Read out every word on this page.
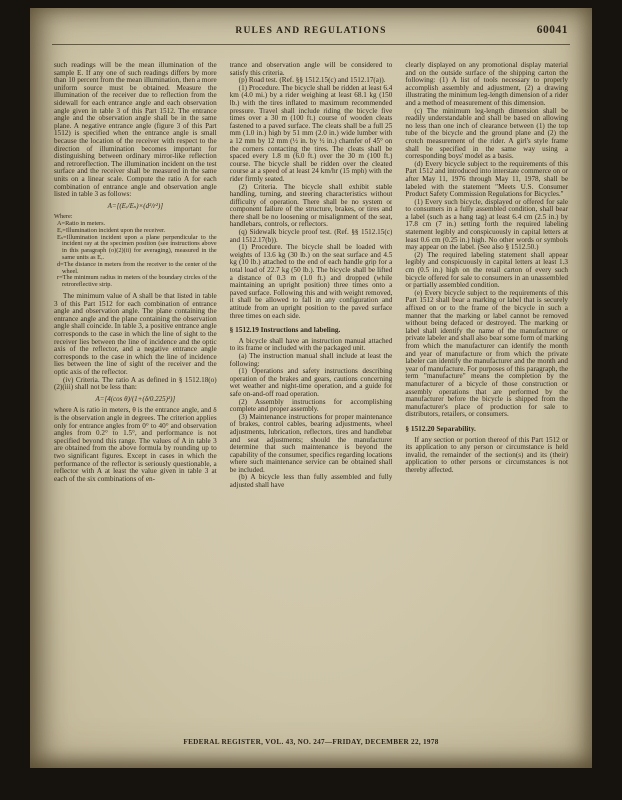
RULES AND REGULATIONS	60041
such readings will be the mean illumination of the sample E. If any one of such readings differs by more than 10 percent from the mean illumination, then a more uniform source must be obtained. Measure the illumination of the receiver due to reflection from the sidewall for each entrance angle and each observation angle given in table 3 of this Part 1512. The entrance angle and the observation angle shall be in the same plane. A negative entrance angle (figure 3 of this Part 1512) is specified when the entrance angle is small because the location of the receiver with respect to the direction of illumination becomes important for distinguishing between ordinary mirror-like reflection and retroreflection. The illumination incident on the test surface and the receiver shall be measured in the same units on a linear scale. Compute the ratio A for each combination of entrance angle and observation angle listed in table 3 as follows:
A=[(Eᵣ/Eₛ)×(d²/r²)]
Where:
A=Ratio in meters.
Eᵣ=Illumination incident upon the receiver.
Eₛ=Illumination incident upon a plane perpendicular to the incident ray at the specimen position (see instructions above in this paragraph (o)(2)(ii) for averaging), measured in the same units as Eᵣ.
d=The distance in meters from the receiver to the center of the wheel.
r=The minimum radius in meters of the boundary circles of the retroreflective strip.
The minimum value of A shall be that listed in table 3 of this Part 1512 for each combination of entrance angle and observation angle. The plane containing the entrance angle and the plane containing the observation angle shall coincide. In table 3, a positive entrance angle corresponds to the case in which the line of sight to the receiver lies between the line of incidence and the optic axis of the reflector, and a negative entrance angle corresponds to the case in which the line of incidence lies between the line of sight of the receiver and the optic axis of the reflector.
(iv) Criteria. The ratio A as defined in § 1512.18(o)(2)(iii) shall not be less than:
A=[4(cos θ)/(1+(δ/0.225)²)]
where A is ratio in meters, θ is the entrance angle, and δ is the observation angle in degrees. The criterion applies only for entrance angles from 0° to 40° and observation angles from 0.2° to 1.5°, and performance is not specified beyond this range. The values of A in table 3 are obtained from the above formula by rounding up to two significant figures. Except in cases in which the performance of the reflector is seriously questionable, a reflector with A at least the value given in table 3 at each of the six combinations of en-
trance and observation angle will be considered to satisfy this criteria.
(p) Road test. (Ref. §§ 1512.15(c) and 1512.17(a)).
(1) Procedure. The bicycle shall be ridden at least 6.4 km (4.0 mi.) by a rider weighing at least 68.1 kg (150 lb.) with the tires inflated to maximum recommended pressure. Travel shall include riding the bicycle five times over a 30 m (100 ft.) course of wooden cleats fastened to a paved surface. The cleats shall be a full 25 mm (1.0 in.) high by 51 mm (2.0 in.) wide lumber with a 12 mm by 12 mm (½ in. by ½ in.) chamfer of 45° on the corners contacting the tires. The cleats shall be spaced every 1.8 m (6.0 ft.) over the 30 m (100 ft.) course. The bicycle shall be ridden over the cleated course at a speed of at least 24 km/hr (15 mph) with the rider firmly seated.
(2) Criteria. The bicycle shall exhibit stable handling, turning, and steering characteristics without difficulty of operation. There shall be no system or component failure of the structure, brakes, or tires and there shall be no loosening or misalignment of the seat, handlebars, controls, or reflectors.
(q) Sidewalk bicycle proof test. (Ref. §§ 1512.15(c) and 1512.17(b)).
(1) Procedure. The bicycle shall be loaded with weights of 13.6 kg (30 lb.) on the seat surface and 4.5 kg (10 lb.) attached to the end of each handle grip for a total load of 22.7 kg (50 lb.). The bicycle shall be lifted a distance of 0.3 m (1.0 ft.) and dropped (while maintaining an upright position) three times onto a paved surface. Following this and with weight removed, it shall be allowed to fall in any configuration and attitude from an upright position to the paved surface three times on each side.
§ 1512.19 Instructions and labeling.
A bicycle shall have an instruction manual attached to its frame or included with the packaged unit.
(a) The instruction manual shall include at least the following:
(1) Operations and safety instructions describing operation of the brakes and gears, cautions concerning wet weather and night-time operation, and a guide for safe on-and-off road operation.
(2) Assembly instructions for accomplishing complete and proper assembly.
(3) Maintenance instructions for proper maintenance of brakes, control cables, bearing adjustments, wheel adjustments, lubrication, reflectors, tires and handlebar and seat adjustments; should the manufacturer determine that such maintenance is beyond the capability of the consumer, specifics regarding locations where such maintenance service can be obtained shall be included.
(b) A bicycle less than fully assembled and fully adjusted shall have
clearly displayed on any promotional display material and on the outside surface of the shipping carton the following: (1) A list of tools necessary to properly accomplish assembly and adjustment, (2) a drawing illustrating the minimum leg-length dimension of a rider and a method of measurement of this dimension.
(c) The minimum leg-length dimension shall be readily understandable and shall be based on allowing no less than one inch of clearance between (1) the top tube of the bicycle and the ground plane and (2) the crotch measurement of the rider. A girl's style frame shall be specified in the same way using a corresponding boys' model as a basis.
(d) Every bicycle subject to the requirements of this Part 1512 and introduced into interstate commerce on or after May 11, 1976 through May 11, 1978, shall be labeled with the statement "Meets U.S. Consumer Product Safety Commission Regulations for Bicycles."
(1) Every such bicycle, displayed or offered for sale to consumers in a fully assembled condition, shall bear a label (such as a hang tag) at least 6.4 cm (2.5 in.) by 17.8 cm (7 in.) setting forth the required labeling statement legibly and conspicuously in capital letters at least 0.6 cm (0.25 in.) high. No other words or symbols may appear on the label. (See also § 1512.50.)
(2) The required labeling statement shall appear legibly and conspicuously in capital letters at least 1.3 cm (0.5 in.) high on the retail carton of every such bicycle offered for sale to consumers in an unassembled or partially assembled condition.
(e) Every bicycle subject to the requirements of this Part 1512 shall bear a marking or label that is securely affixed on or to the frame of the bicycle in such a manner that the marking or label cannot be removed without being defaced or destroyed. The marking or label shall identify the name of the manufacturer or private labeler and shall also bear some form of marking from which the manufacturer can identify the month and year of manufacture or from which the private labeler can identify the manufacturer and the month and year of manufacture. For purposes of this paragraph, the term "manufacture" means the completion by the manufacturer of a bicycle of those construction or assembly operations that are performed by the manufacturer before the bicycle is shipped from the manufacturer's place of production for sale to distributors, retailers, or consumers.
§ 1512.20 Separability.
If any section or portion thereof of this Part 1512 or its application to any person or circumstance is held invalid, the remainder of the section(s) and its (their) application to other persons or circumstances is not thereby affected.
FEDERAL REGISTER, VOL. 43, NO. 247—FRIDAY, DECEMBER 22, 1978
